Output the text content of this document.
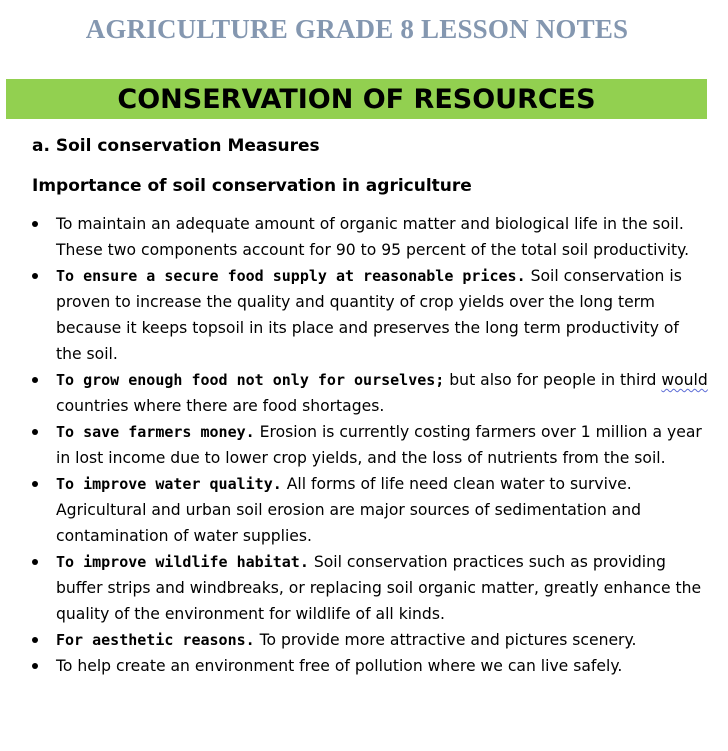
AGRICULTURE GRADE 8 LESSON NOTES
CONSERVATION OF RESOURCES
a. Soil conservation Measures
Importance of soil conservation in agriculture
To maintain an adequate amount of organic matter and biological life in the soil. These two components account for 90 to 95 percent of the total soil productivity.
To ensure a secure food supply at reasonable prices. Soil conservation is proven to increase the quality and quantity of crop yields over the long term because it keeps topsoil in its place and preserves the long term productivity of the soil.
To grow enough food not only for ourselves; but also for people in third would countries where there are food shortages.
To save farmers money. Erosion is currently costing farmers over 1 million a year in lost income due to lower crop yields, and the loss of nutrients from the soil.
To improve water quality. All forms of life need clean water to survive. Agricultural and urban soil erosion are major sources of sedimentation and contamination of water supplies.
To improve wildlife habitat. Soil conservation practices such as providing buffer strips and windbreaks, or replacing soil organic matter, greatly enhance the quality of the environment for wildlife of all kinds.
For aesthetic reasons. To provide more attractive and pictures scenery.
To help create an environment free of pollution where we can live safely.
